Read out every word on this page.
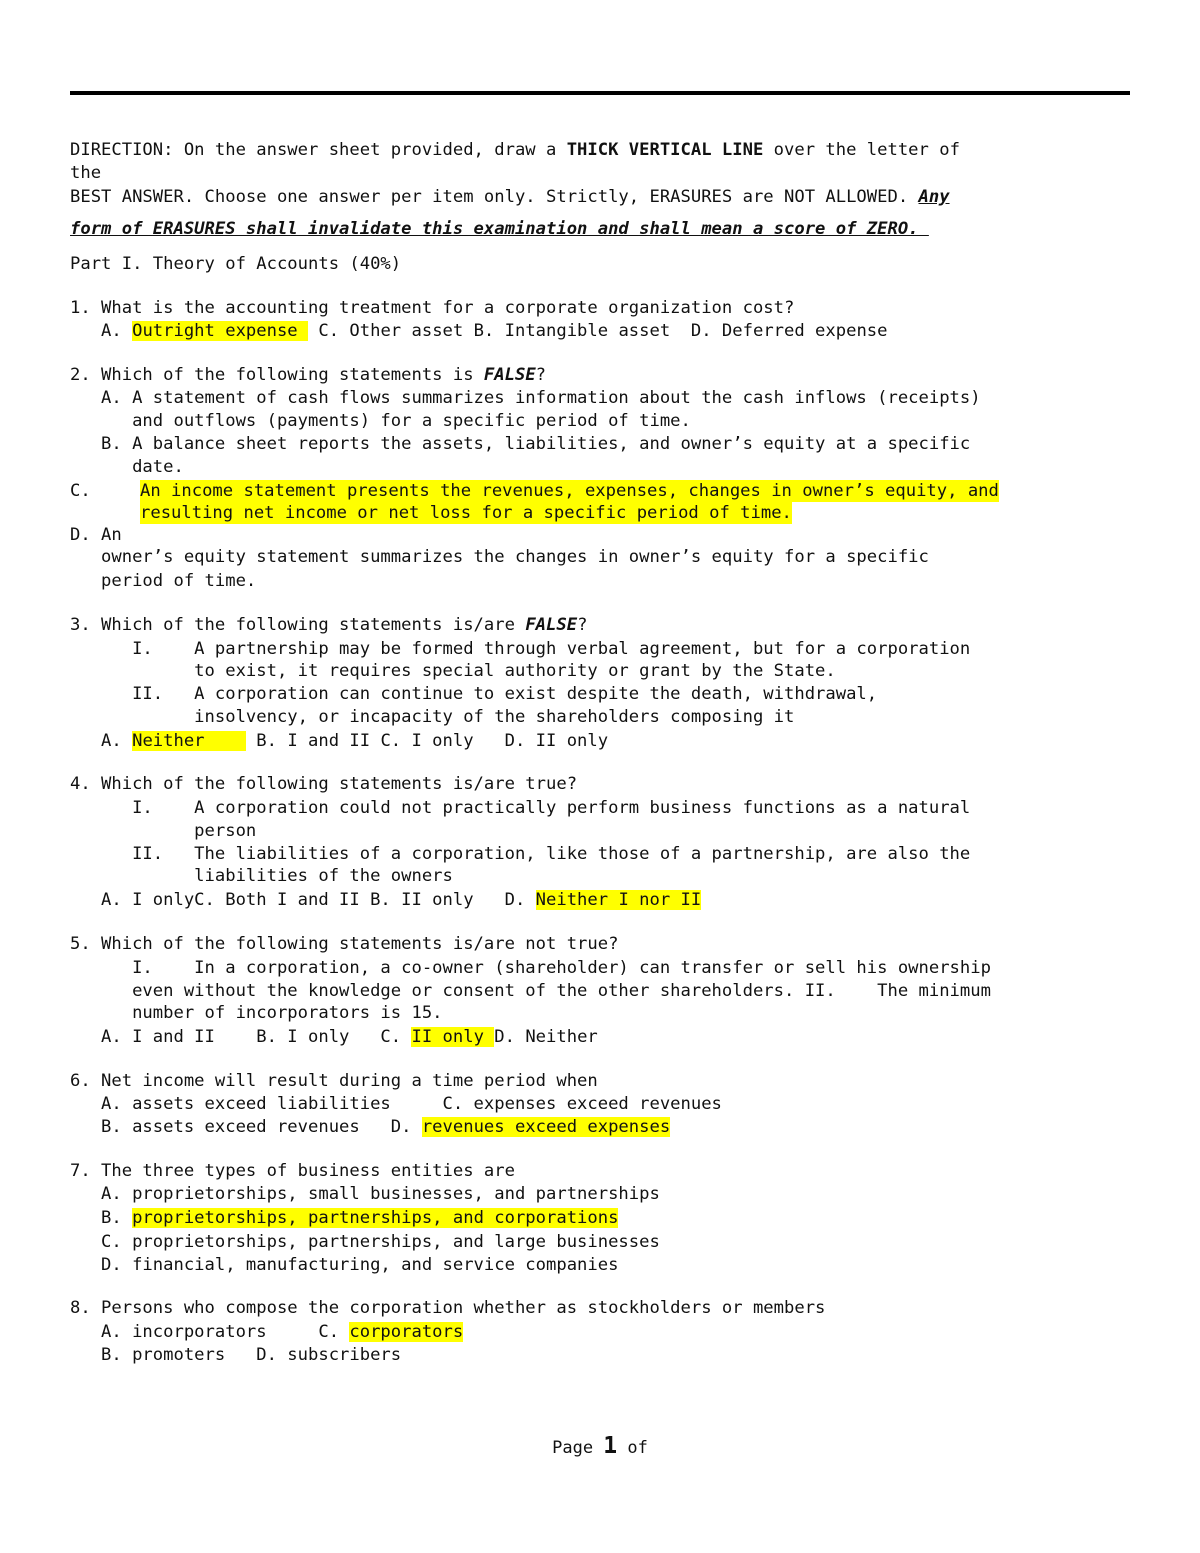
DIRECTION: On the answer sheet provided, draw a THICK VERTICAL LINE over the letter of
the
BEST ANSWER. Choose one answer per item only. Strictly, ERASURES are NOT ALLOWED. Any
form of ERASURES shall invalidate this examination and shall mean a score of ZERO.
Part I. Theory of Accounts (40%)
1. What is the accounting treatment for a corporate organization cost?
A. Outright expense  C. Other asset B. Intangible asset  D. Deferred expense
2. Which of the following statements is FALSE?
A. A statement of cash flows summarizes information about the cash inflows (receipts)
and outflows (payments) for a specific period of time.
B. A balance sheet reports the assets, liabilities, and owner’s equity at a specific
date.
C. An income statement presents the revenues, expenses, changes in owner’s equity, and
resulting net income or net loss for a specific period of time.
D. An
owner’s equity statement summarizes the changes in owner’s equity for a specific
period of time.
3. Which of the following statements is/are FALSE?
I.    A partnership may be formed through verbal agreement, but for a corporation
to exist, it requires special authority or grant by the State.
II.   A corporation can continue to exist despite the death, withdrawal,
insolvency, or incapacity of the shareholders composing it
A. Neither     B. I and II C. I only   D. II only
4. Which of the following statements is/are true?
I.    A corporation could not practically perform business functions as a natural
person
II.   The liabilities of a corporation, like those of a partnership, are also the
liabilities of the owners
A. I onlyC. Both I and II B. II only   D. Neither I nor II
5. Which of the following statements is/are not true?
I.    In a corporation, a co-owner (shareholder) can transfer or sell his ownership
even without the knowledge or consent of the other shareholders. II.    The minimum
number of incorporators is 15.
A. I and II    B. I only   C. II only D. Neither
6. Net income will result during a time period when
A. assets exceed liabilities     C. expenses exceed revenues
B. assets exceed revenues   D. revenues exceed expenses
7. The three types of business entities are
A. proprietorships, small businesses, and partnerships
B. proprietorships, partnerships, and corporations
C. proprietorships, partnerships, and large businesses
D. financial, manufacturing, and service companies
8. Persons who compose the corporation whether as stockholders or members
A. incorporators     C. corporators
B. promoters   D. subscribers
Page 1 of
